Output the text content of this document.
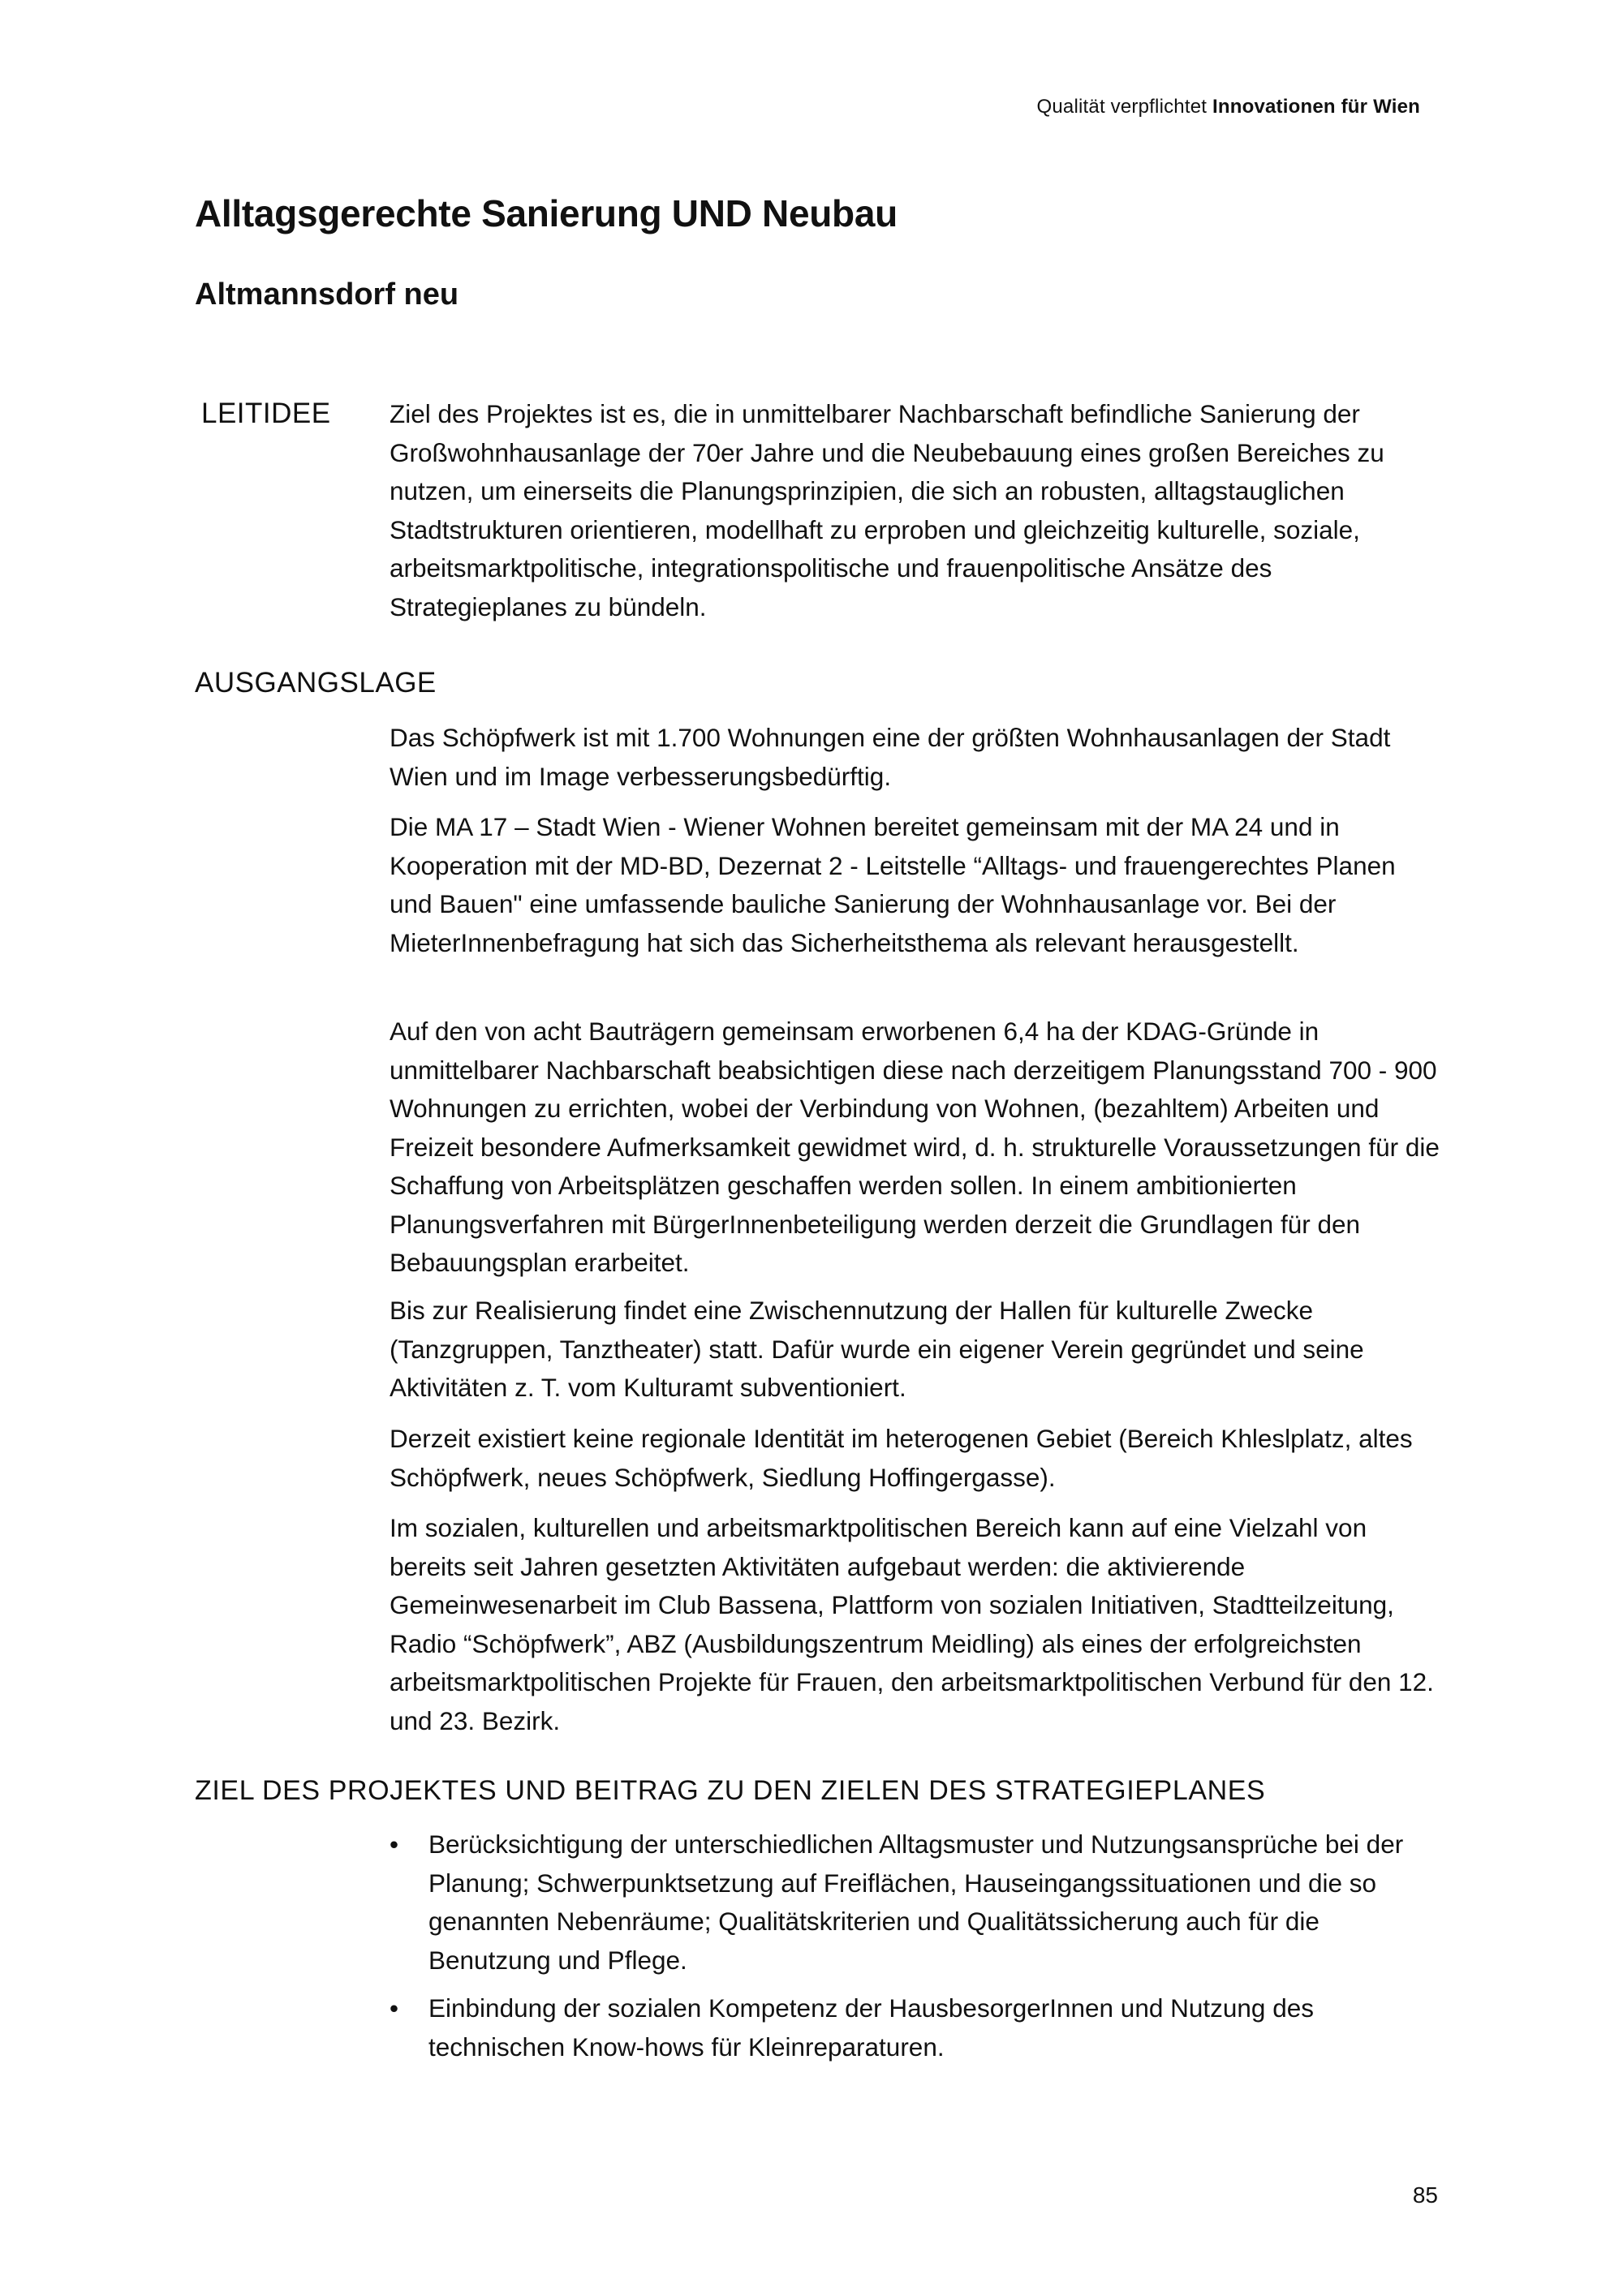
Qualität verpflichtet Innovationen für Wien
Alltagsgerechte Sanierung UND Neubau
Altmannsdorf neu
LEITIDEE Ziel des Projektes ist es, die in unmittelbarer Nachbarschaft befindliche Sanierung der Großwohnhausanlage der 70er Jahre und die Neubebauung eines großen Bereiches zu nutzen, um einerseits die Planungsprinzipien, die sich an robusten, alltagstauglichen Stadtstrukturen orientieren, modellhaft zu erproben und gleichzeitig kulturelle, soziale, arbeitsmarktpolitische, integrationspolitische und frauenpolitische Ansätze des Strategieplanes zu bündeln.

AUSGANGSLAGE

Das Schöpfwerk ist mit 1.700 Wohnungen eine der größten Wohnhausanlagen der Stadt Wien und im Image verbesserungsbedürftig.

Die MA 17 – Stadt Wien - Wiener Wohnen bereitet gemeinsam mit der MA 24 und in Kooperation mit der MD-BD, Dezernat 2 - Leitstelle “Alltags- und frauengerechtes Planen und Bauen" eine umfassende bauliche Sanierung der Wohnhausanlage vor. Bei der MieterInnenbefragung hat sich das Sicherheitsthema als relevant herausgestellt.

Auf den von acht Bauträgern gemeinsam erworbenen 6,4 ha der KDAG-Gründe in unmittelbarer Nachbarschaft beabsichtigen diese nach derzeitigem Planungsstand 700 - 900 Wohnungen zu errichten, wobei der Verbindung von Wohnen, (bezahltem) Arbeiten und Freizeit besondere Aufmerksamkeit gewidmet wird, d. h. strukturelle Voraussetzungen für die Schaffung von Arbeitsplätzen geschaffen werden sollen. In einem ambitionierten Planungsverfahren mit BürgerInnenbeteiligung werden derzeit die Grundlagen für den Bebauungsplan erarbeitet.

Bis zur Realisierung findet eine Zwischennutzung der Hallen für kulturelle Zwecke (Tanzgruppen, Tanztheater) statt. Dafür wurde ein eigener Verein gegründet und seine Aktivitäten z. T. vom Kulturamt subventioniert.

Derzeit existiert keine regionale Identität im heterogenen Gebiet (Bereich Khleslplatz, altes Schöpfwerk, neues Schöpfwerk, Siedlung Hoffingergasse).

Im sozialen, kulturellen und arbeitsmarktpolitischen Bereich kann auf eine Vielzahl von bereits seit Jahren gesetzten Aktivitäten aufgebaut werden: die aktivierende Gemeinwesenarbeit im Club Bassena, Plattform von sozialen Initiativen, Stadtteilzeitung, Radio “Schöpfwerk”, ABZ (Ausbildungszentrum Meidling) als eines der erfolgreichsten arbeitsmarktpolitischen Projekte für Frauen, den arbeitsmarktpolitischen Verbund für den 12. und 23. Bezirk.

ZIEL DES PROJEKTES UND BEITRAG ZU DEN ZIELEN DES STRATEGIEPLANES
• Berücksichtigung der unterschiedlichen Alltagsmuster und Nutzungsansprüche bei der Planung; Schwerpunktsetzung auf Freiflächen, Hauseingangssituationen und die so genannten Nebenräume; Qualitätskriterien und Qualitätssicherung auch für die Benutzung und Pflege.
• Einbindung der sozialen Kompetenz der HausbesorgerInnen und Nutzung des technischen Know-hows für Kleinreparaturen.
85
